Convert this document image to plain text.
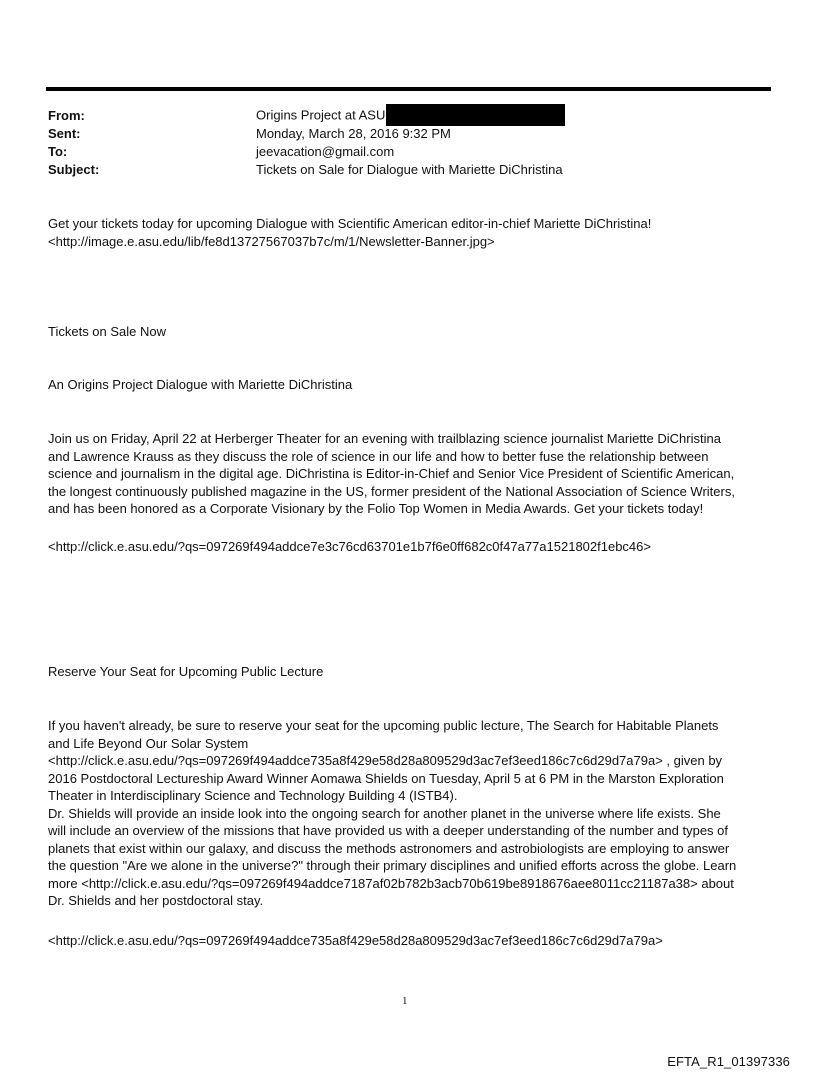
From:	Origins Project at ASU
Sent:	Monday, March 28, 2016 9:32 PM
To:	jeevacation@gmail.com
Subject:	Tickets on Sale for Dialogue with Mariette DiChristina
Get your tickets today for upcoming Dialogue with Scientific American editor-in-chief Mariette DiChristina!
<http://image.e.asu.edu/lib/fe8d13727567037b7c/m/1/Newsletter-Banner.jpg>
Tickets on Sale Now
An Origins Project Dialogue with Mariette DiChristina
Join us on Friday, April 22 at Herberger Theater for an evening with trailblazing science journalist Mariette DiChristina
and Lawrence Krauss as they discuss the role of science in our life and how to better fuse the relationship between
science and journalism in the digital age. DiChristina is Editor-in-Chief and Senior Vice President of Scientific American,
the longest continuously published magazine in the US, former president of the National Association of Science Writers,
and has been honored as a Corporate Visionary by the Folio Top Women in Media Awards. Get your tickets today!
<http://click.e.asu.edu/?qs=097269f494addce7e3c76cd63701e1b7f6e0ff682c0f47a77a1521802f1ebc46>
Reserve Your Seat for Upcoming Public Lecture
If you haven't already, be sure to reserve your seat for the upcoming public lecture, The Search for Habitable Planets
and Life Beyond Our Solar System
<http://click.e.asu.edu/?qs=097269f494addce735a8f429e58d28a809529d3ac7ef3eed186c7c6d29d7a79a> , given by
2016 Postdoctoral Lectureship Award Winner Aomawa Shields on Tuesday, April 5 at 6 PM in the Marston Exploration
Theater in Interdisciplinary Science and Technology Building 4 (ISTB4).
Dr. Shields will provide an inside look into the ongoing search for another planet in the universe where life exists. She
will include an overview of the missions that have provided us with a deeper understanding of the number and types of
planets that exist within our galaxy, and discuss the methods astronomers and astrobiologists are employing to answer
the question "Are we alone in the universe?" through their primary disciplines and unified efforts across the globe. Learn
more <http://click.e.asu.edu/?qs=097269f494addce7187af02b782b3acb70b619be8918676aee8011cc21187a38> about
Dr. Shields and her postdoctoral stay.
<http://click.e.asu.edu/?qs=097269f494addce735a8f429e58d28a809529d3ac7ef3eed186c7c6d29d7a79a>
1
EFTA_R1_01397336
